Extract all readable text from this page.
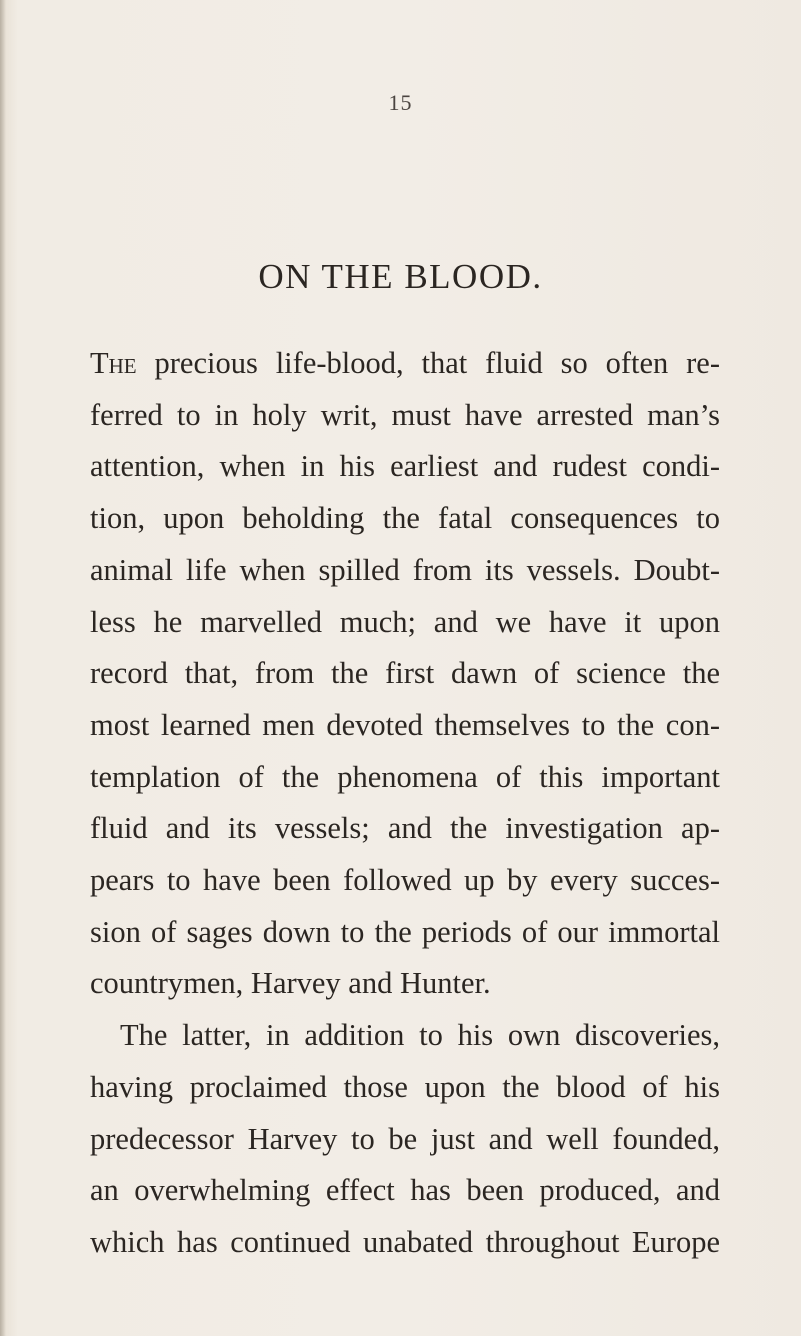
15
ON THE BLOOD.
The precious life-blood, that fluid so often re-
ferred to in holy writ, must have arrested man’s
attention, when in his earliest and rudest condi-
tion, upon beholding the fatal consequences to
animal life when spilled from its vessels. Doubt-
less he marvelled much; and we have it upon
record that, from the first dawn of science the
most learned men devoted themselves to the con-
templation of the phenomena of this important
fluid and its vessels; and the investigation ap-
pears to have been followed up by every succes-
sion of sages down to the periods of our immortal
countrymen, Harvey and Hunter.
The latter, in addition to his own discoveries,
having proclaimed those upon the blood of his
predecessor Harvey to be just and well founded,
an overwhelming effect has been produced, and
which has continued unabated throughout Europe
